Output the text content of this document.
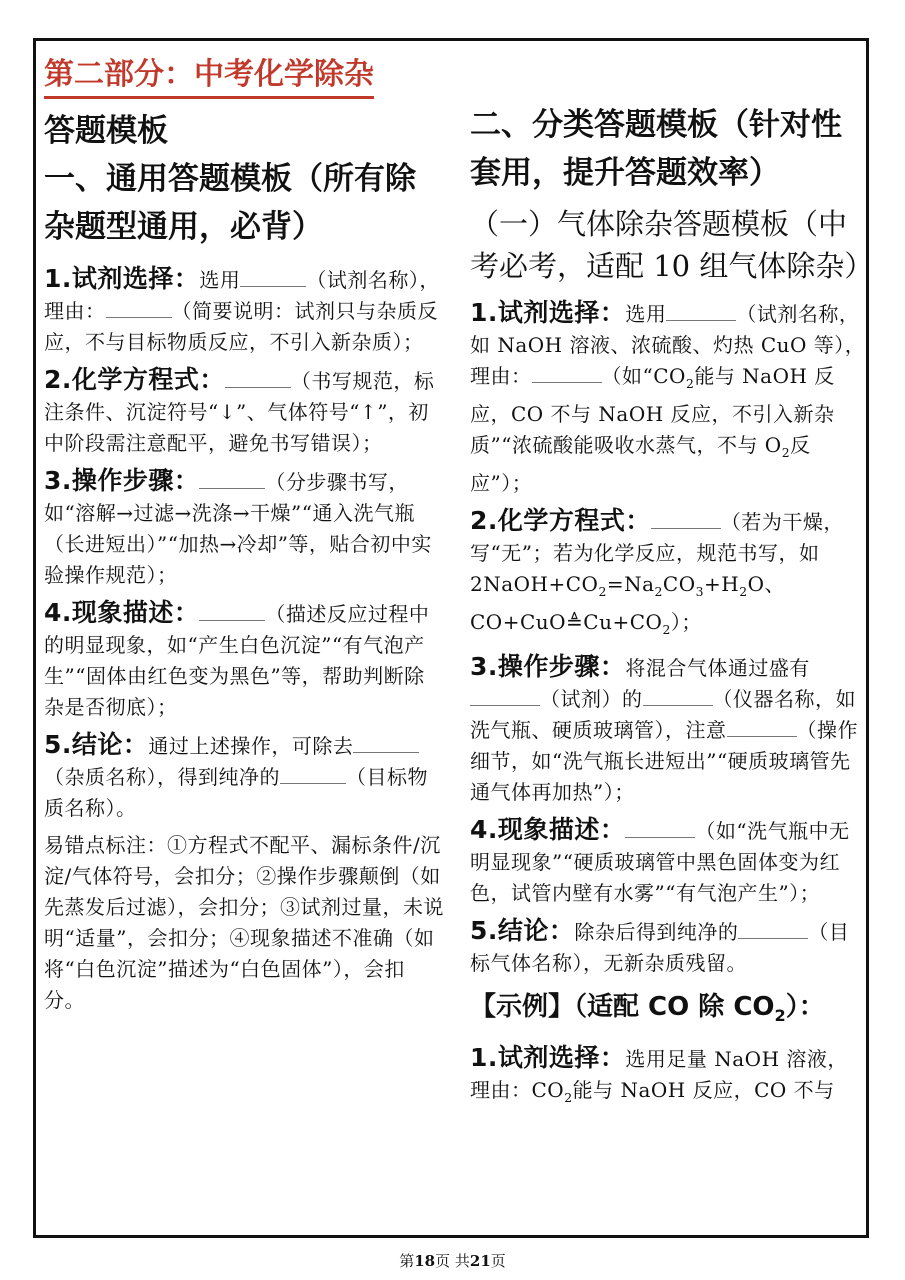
第二部分：中考化学除杂

答题模板

一、通用答题模板（所有除杂题型通用，必背）

1.试剂选择：选用	（试剂名称），理由：	（简要说明：试剂只与杂质反应，不与目标物质反应，不引入新杂质）；

2.化学方程式：	（书写规范，标注条件、沉淀符号“↓”、气体符号“↑”，初中阶段需注意配平，避免书写错误）；

3.操作步骤：	（分步骤书写，如“溶解→过滤→洗涤→干燥”“通入洗气瓶（长进短出）”“加热→冷却”等，贴合初中实验操作规范）；

4.现象描述：	（描述反应过程中的明显现象，如“产生白色沉淀”“有气泡产生”“固体由红色变为黑色”等，帮助判断除杂是否彻底）；

5.结论：通过上述操作，可除去（杂质名称），得到纯净的	（目标物质名称）。

易错点标注：①方程式不配平、漏标条件/沉淀/气体符号，会扣分；②操作步骤颠倒（如先蒸发后过滤），会扣分；③试剂过量，未说明“适量”，会扣分；④现象描述不准确（如将“白色沉淀”描述为“白色固体”），会扣分。

二、分类答题模板（针对性套用，提升答题效率）

（一）气体除杂答题模板（中考必考，适配 10 组气体除杂）

1.试剂选择：选用	（试剂名称，如 NaOH 溶液、浓硫酸、灼热 CuO 等），理由：	（如“$CO_2$能与 NaOH 反应，CO 不与 NaOH 反应，不引入新杂质”“浓硫酸能吸收水蒸气，不与 $O_2$反应”）；

2.化学方程式：	（若为干燥，写“无”；若为化学反应，规范书写，如 $2NaOH+CO_2=Na_2CO_3+H_2O$、$CO+CuO≜Cu+CO_2$）；

3.操作步骤：将混合气体通过盛有（试剂）的	（仪器名称，如洗气瓶、硬质玻璃管），注意	（操作细节，如“洗气瓶长进短出”“硬质玻璃管先通气体再加热”）；

4.现象描述：	（如“洗气瓶中无明显现象”“硬质玻璃管中黑色固体变为红色，试管内壁有水雾”“有气泡产生”）；

5.结论：除杂后得到纯净的	（目标气体名称），无新杂质残留。

【示例】（适配 CO 除 $CO_2$）：

1.试剂选择：选用足量 NaOH 溶液，理由：$CO_2$能与 NaOH 反应，CO 不与

第18页 共21页
